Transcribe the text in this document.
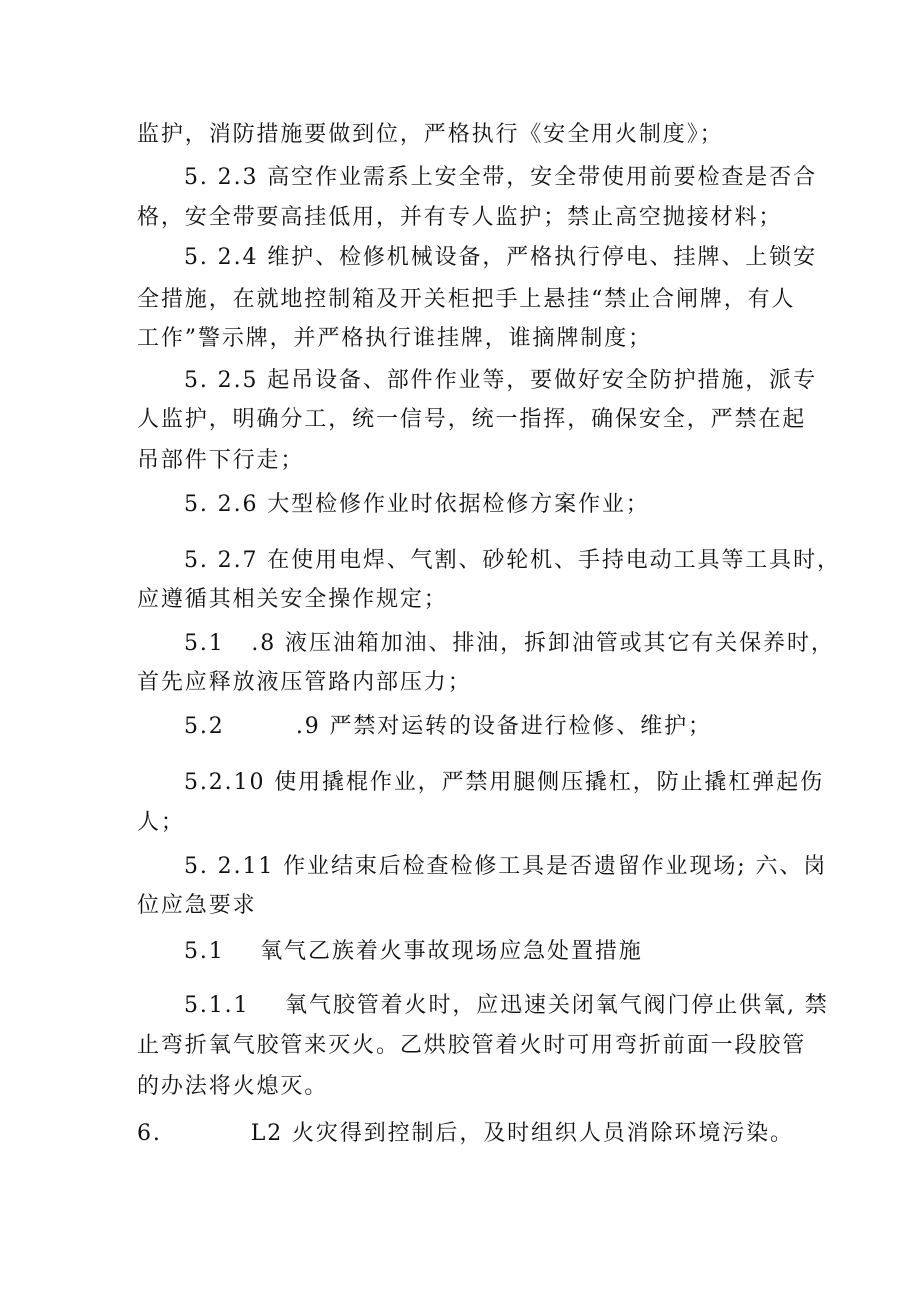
监护，消防措施要做到位，严格执行《安全用火制度》；
5. 2.3 高空作业需系上安全带，安全带使用前要检查是否合
格，安全带要高挂低用，并有专人监护；禁止高空抛接材料；
5. 2.4 维护、检修机械设备，严格执行停电、挂牌、上锁安
全措施，在就地控制箱及开关柜把手上悬挂“禁止合闸牌，有人
工作”警示牌，并严格执行谁挂牌，谁摘牌制度；
5. 2.5 起吊设备、部件作业等，要做好安全防护措施，派专
人监护，明确分工，统一信号，统一指挥，确保安全，严禁在起
吊部件下行走；
5. 2.6 大型检修作业时依据检修方案作业；
5. 2.7 在使用电焊、气割、砂轮机、手持电动工具等工具时，
应遵循其相关安全操作规定；
5.1   .8 液压油箱加油、排油，拆卸油管或其它有关保养时，
首先应释放液压管路内部压力；
5.2        .9 严禁对运转的设备进行检修、维护；
5.2.10 使用撬棍作业，严禁用腿侧压撬杠，防止撬杠弹起伤
人；
5. 2.11 作业结束后检查检修工具是否遗留作业现场; 六、岗
位应急要求
5.1    氧气乙族着火事故现场应急处置措施
5.1.1    氧气胶管着火时，应迅速关闭氧气阀门停止供氧, 禁
止弯折氧气胶管来灭火。乙烘胶管着火时可用弯折前面一段胶管
的办法将火熄灭。
6.          L2 火灾得到控制后，及时组织人员消除环境污染。
